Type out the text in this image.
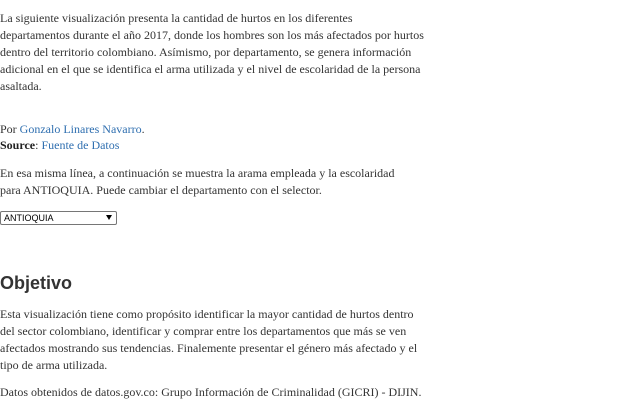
La siguiente visualización presenta la cantidad de hurtos en los diferentes departamentos durante el año 2017, donde los hombres son los más afectados por hurtos dentro del territorio colombiano. Asímismo, por departamento, se genera información adicional en el que se identifica el arma utilizada y el nivel de escolaridad de la persona asaltada.

Por Gonzalo Linares Navarro.

Source: Fuente de Datos

En esa misma línea, a continuación se muestra la arama empleada y la escolaridad para ANTIOQUIA. Puede cambiar el departamento con el selector.

ANTIOQUIA
Objetivo

Esta visualización tiene como propósito identificar la mayor cantidad de hurtos dentro del sector colombiano, identificar y comprar entre los departamentos que más se ven afectados mostrando sus tendencias. Finalemente presentar el género más afectado y el tipo de arma utilizada.

Datos obtenidos de datos.gov.co: Grupo Información de Criminalidad (GICRI) - DIJIN.
